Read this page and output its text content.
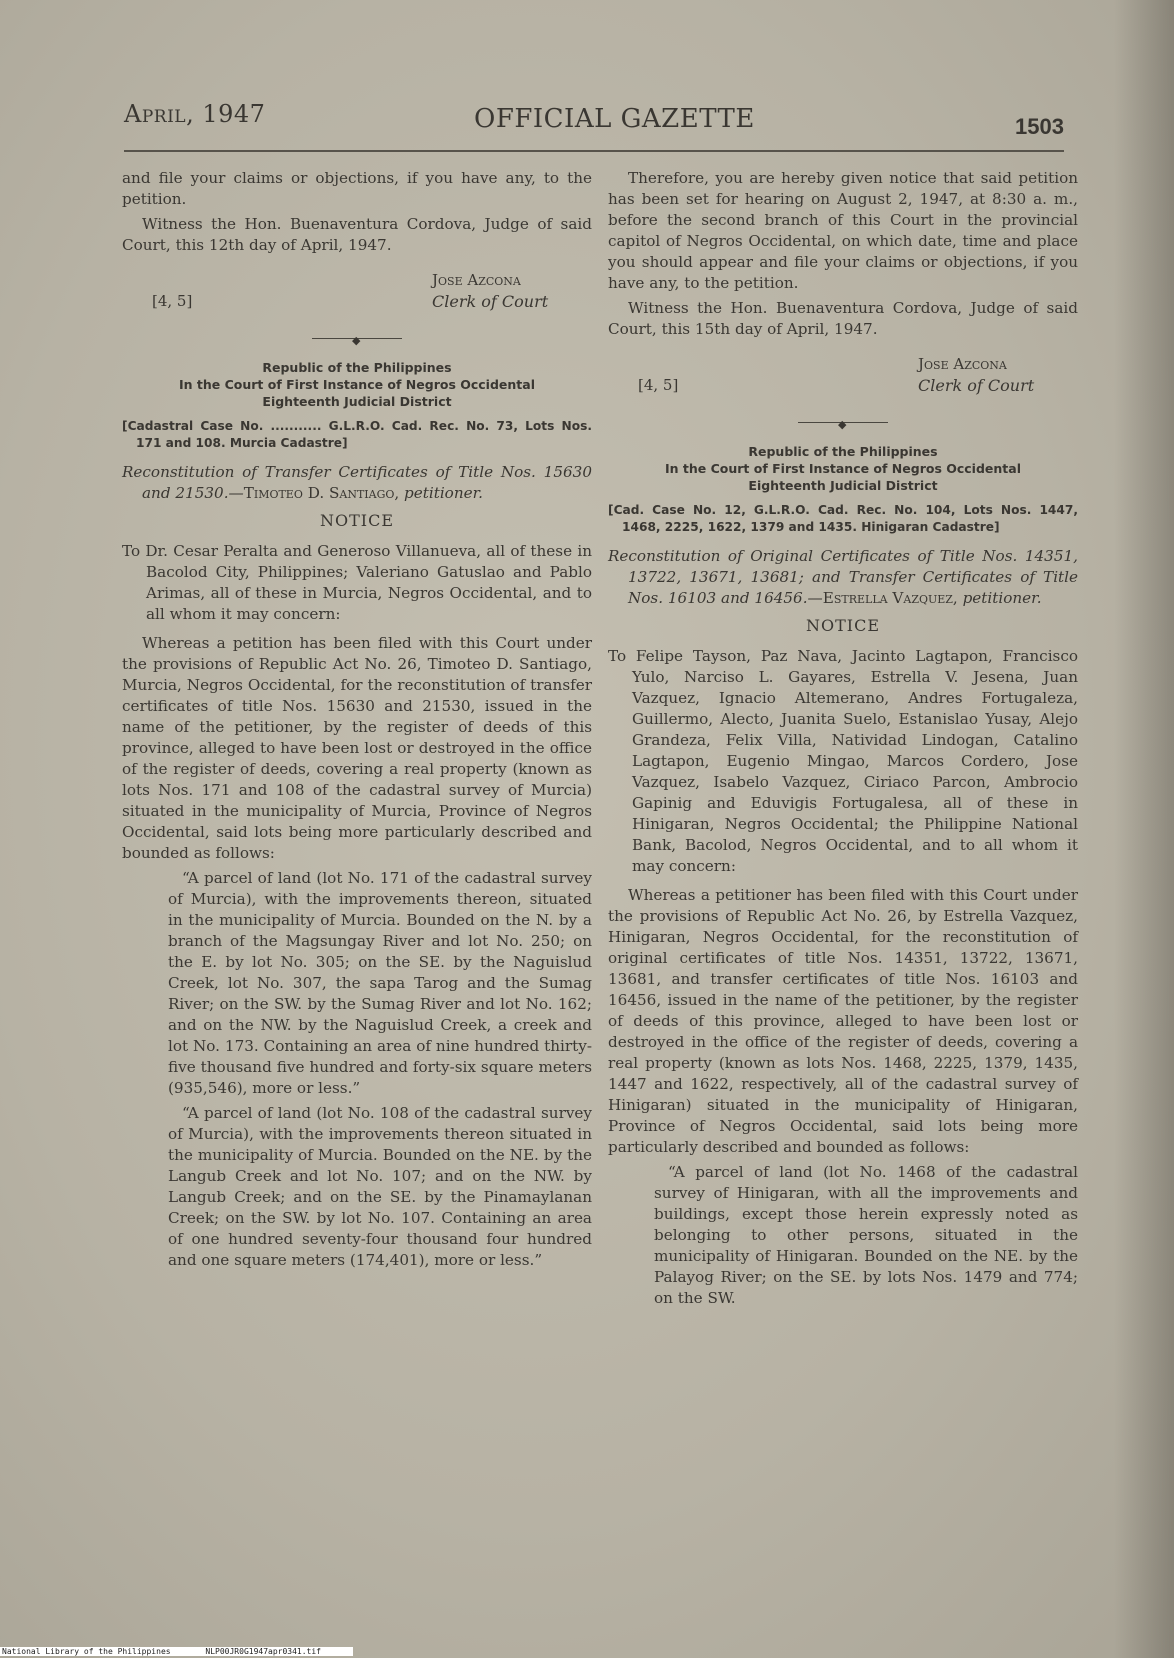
April, 1947	OFFICIAL GAZETTE	1503

and file your claims or objections, if you have any, to the petition.

Witness the Hon. Buenaventura Cordova, Judge of said Court, this 12th day of April, 1947.

[4, 5]
Jose Azcona
Clerk of Court
◆
Republic of the Philippines
In the Court of First Instance of Negros Occidental
Eighteenth Judicial District

[Cadastral Case No. ........... G.L.R.O. Cad. Rec. No. 73, Lots Nos. 171 and 108. Murcia Cadastre]

Reconstitution of Transfer Certificates of Title Nos. 15630 and 21530.—Timoteo D. Santiago, petitioner.

NOTICE

To Dr. Cesar Peralta and Generoso Villanueva, all of these in Bacolod City, Philippines; Valeriano Gatuslao and Pablo Arimas, all of these in Murcia, Negros Occidental, and to all whom it may concern:

Whereas a petition has been filed with this Court under the provisions of Republic Act No. 26, Timoteo D. Santiago, Murcia, Negros Occidental, for the reconstitution of transfer certificates of title Nos. 15630 and 21530, issued in the name of the petitioner, by the register of deeds of this province, alleged to have been lost or destroyed in the office of the register of deeds, covering a real property (known as lots Nos. 171 and 108 of the cadastral survey of Murcia) situated in the municipality of Murcia, Province of Negros Occidental, said lots being more particularly described and bounded as follows:

“A parcel of land (lot No. 171 of the cadastral survey of Murcia), with the improvements thereon, situated in the municipality of Murcia. Bounded on the N. by a branch of the Magsungay River and lot No. 250; on the E. by lot No. 305; on the SE. by the Naguislud Creek, lot No. 307, the sapa Tarog and the Sumag River; on the SW. by the Sumag River and lot No. 162; and on the NW. by the Naguislud Creek, a creek and lot No. 173. Containing an area of nine hundred thirty-five thousand five hundred and forty-six square meters (935,546), more or less.”

“A parcel of land (lot No. 108 of the cadastral survey of Murcia), with the improvements thereon situated in the municipality of Murcia. Bounded on the NE. by the Langub Creek and lot No. 107; and on the NW. by Langub Creek; and on the SE. by the Pinamaylanan Creek; on the SW. by lot No. 107. Containing an area of one hundred seventy-four thousand four hundred and one square meters (174,401), more or less.”

Therefore, you are hereby given notice that said petition has been set for hearing on August 2, 1947, at 8:30 a. m., before the second branch of this Court in the provincial capitol of Negros Occidental, on which date, time and place you should appear and file your claims or objections, if you have any, to the petition.

Witness the Hon. Buenaventura Cordova, Judge of said Court, this 15th day of April, 1947.

[4, 5]
Jose Azcona
Clerk of Court
◆
Republic of the Philippines
In the Court of First Instance of Negros Occidental
Eighteenth Judicial District

[Cad. Case No. 12, G.L.R.O. Cad. Rec. No. 104, Lots Nos. 1447, 1468, 2225, 1622, 1379 and 1435. Hinigaran Cadastre]

Reconstitution of Original Certificates of Title Nos. 14351, 13722, 13671, 13681; and Transfer Certificates of Title Nos. 16103 and 16456.—Estrella Vazquez, petitioner.

NOTICE

To Felipe Tayson, Paz Nava, Jacinto Lagtapon, Francisco Yulo, Narciso L. Gayares, Estrella V. Jesena, Juan Vazquez, Ignacio Altemerano, Andres Fortugaleza, Guillermo, Alecto, Juanita Suelo, Estanislao Yusay, Alejo Grandeza, Felix Villa, Natividad Lindogan, Catalino Lagtapon, Eugenio Mingao, Marcos Cordero, Jose Vazquez, Isabelo Vazquez, Ciriaco Parcon, Ambrocio Gapinig and Eduvigis Fortugalesa, all of these in Hinigaran, Negros Occidental; the Philippine National Bank, Bacolod, Negros Occidental, and to all whom it may concern:

Whereas a petitioner has been filed with this Court under the provisions of Republic Act No. 26, by Estrella Vazquez, Hinigaran, Negros Occidental, for the reconstitution of original certificates of title Nos. 14351, 13722, 13671, 13681, and transfer certificates of title Nos. 16103 and 16456, issued in the name of the petitioner, by the register of deeds of this province, alleged to have been lost or destroyed in the office of the register of deeds, covering a real property (known as lots Nos. 1468, 2225, 1379, 1435, 1447 and 1622, respectively, all of the cadastral survey of Hinigaran) situated in the municipality of Hinigaran, Province of Negros Occidental, said lots being more particularly described and bounded as follows:

“A parcel of land (lot No. 1468 of the cadastral survey of Hinigaran, with all the improvements and buildings, except those herein expressly noted as belonging to other persons, situated in the municipality of Hinigaran. Bounded on the NE. by the Palayog River; on the SE. by lots Nos. 1479 and 774; on the SW.

National Library of the Philippines	NLP00JR0G1947apr0341.tif
